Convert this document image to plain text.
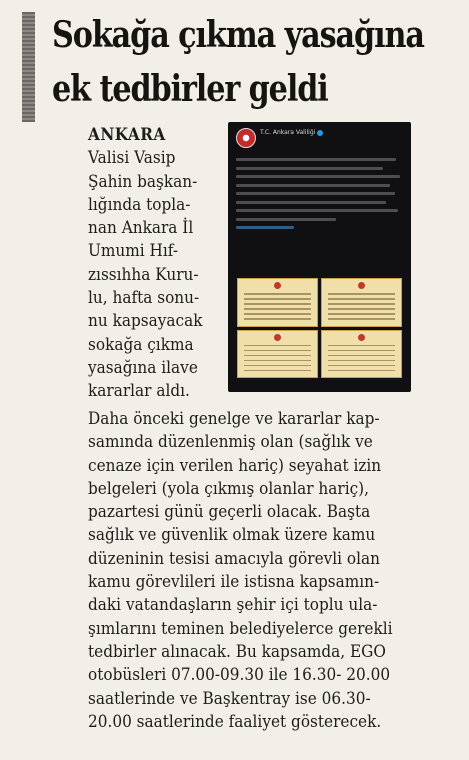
Sokağa çıkma yasağına
ek tedbirler geldi
ANKARA
Valisi Vasip
Şahin başkan-
lığında topla-
nan Ankara İl
Umumi Hıf-
zıssıhha Kuru-
lu, hafta sonu-
nu kapsayacak
sokağa çıkma
yasağına ilave
kararlar aldı.
T.C. Ankara Valiliği
Daha önceki genelge ve kararlar kap-
samında düzenlenmiş olan (sağlık ve
cenaze için verilen hariç) seyahat izin
belgeleri (yola çıkmış olanlar hariç),
pazartesi günü geçerli olacak. Başta
sağlık ve güvenlik olmak üzere kamu
düzeninin tesisi amacıyla görevli olan
kamu görevlileri ile istisna kapsamın-
daki vatandaşların şehir içi toplu ula-
şımlarını teminen belediyelerce gerekli
tedbirler alınacak. Bu kapsamda, EGO
otobüsleri 07.00-09.30 ile 16.30- 20.00
saatlerinde ve Başkentray ise 06.30-
20.00 saatlerinde faaliyet gösterecek.
